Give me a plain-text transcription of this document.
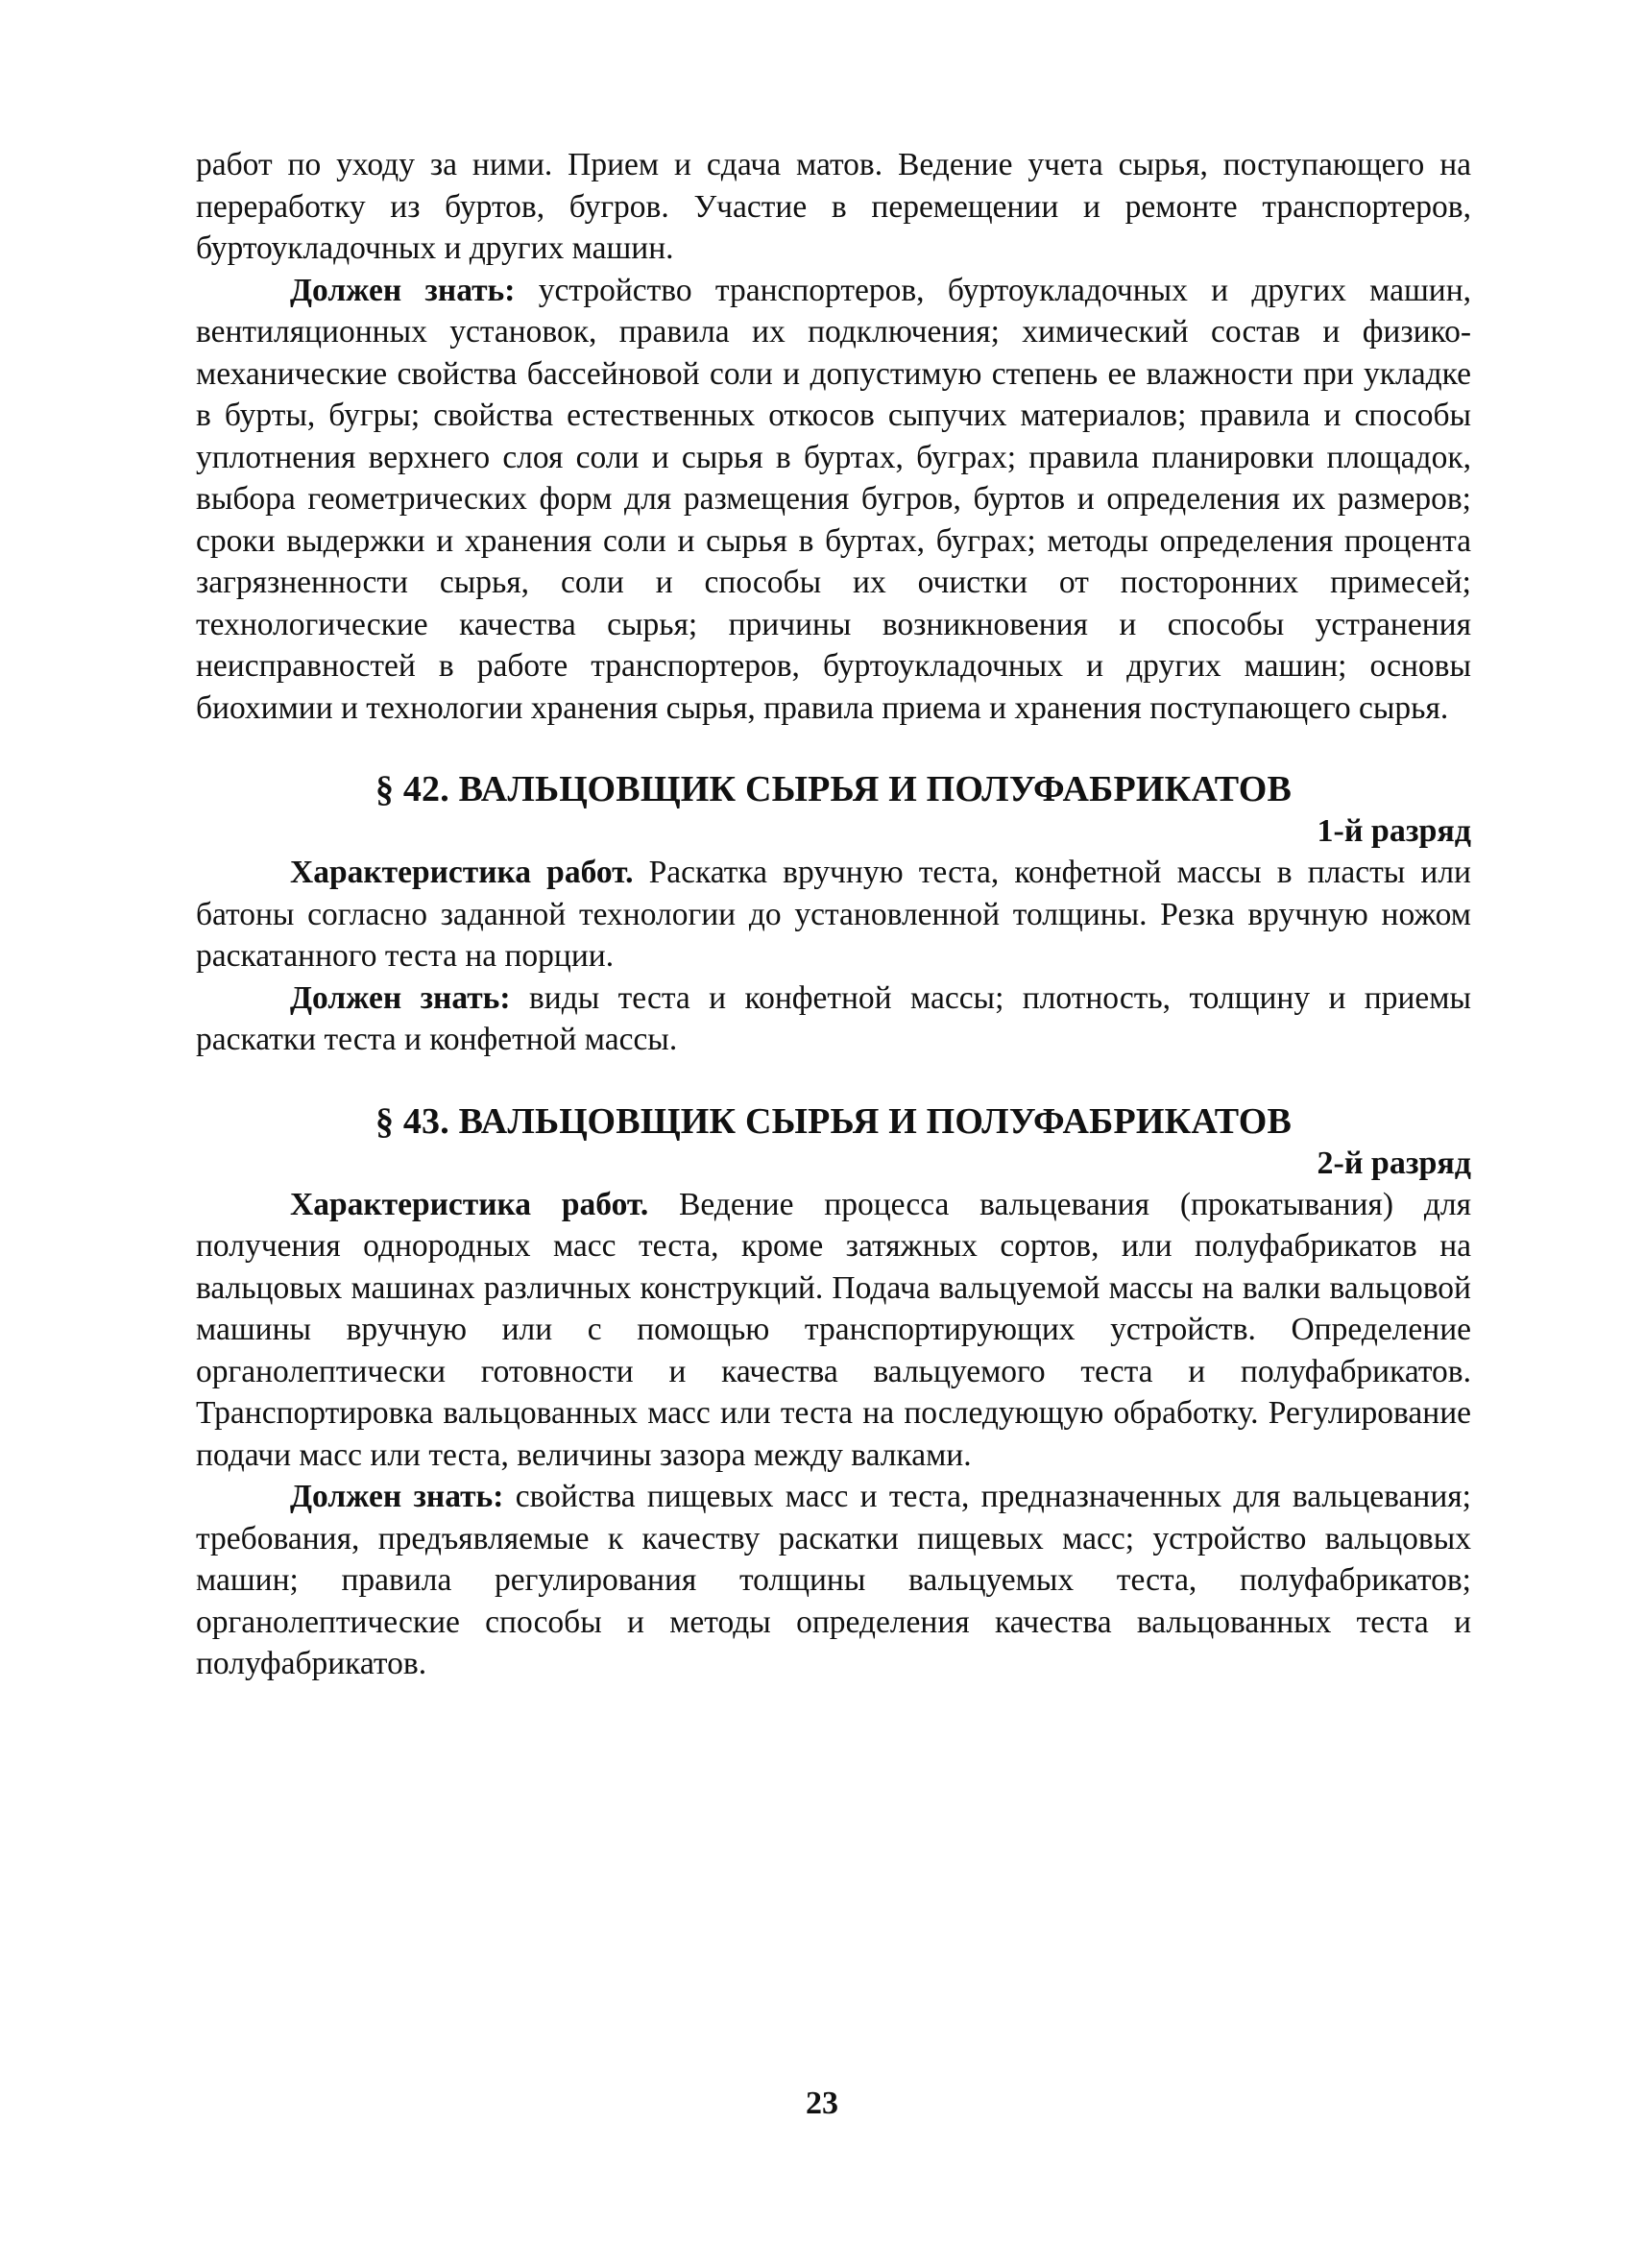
работ по уходу за ними. Прием и сдача матов. Ведение учета сырья, поступающего на переработку из буртов, бугров. Участие в перемещении и ремонте транспортеров, буртоукладочных и других машин.

Должен знать: устройство транспортеров, буртоукладочных и других машин, вентиляционных установок, правила их подключения; химический состав и физико-механические свойства бассейновой соли и допустимую степень ее влажности при укладке в бурты, бугры; свойства естественных откосов сыпучих материалов; правила и способы уплотнения верхнего слоя соли и сырья в буртах, буграх; правила планировки площадок, выбора геометрических форм для размещения бугров, буртов и определения их размеров; сроки выдержки и хранения соли и сырья в буртах, буграх; методы определения процента загрязненности сырья, соли и способы их очистки от посторонних примесей; технологические качества сырья; причины возникновения и способы устранения неисправностей в работе транспортеров, буртоукладочных и других машин; основы биохимии и технологии хранения сырья, правила приема и хранения поступающего сырья.

§ 42. ВАЛЬЦОВЩИК СЫРЬЯ И ПОЛУФАБРИКАТОВ
1-й разряд

Характеристика работ. Раскатка вручную теста, конфетной массы в пласты или батоны согласно заданной технологии до установленной толщины. Резка вручную ножом раскатанного теста на порции.

Должен знать: виды теста и конфетной массы; плотность, толщину и приемы раскатки теста и конфетной массы.

§ 43. ВАЛЬЦОВЩИК СЫРЬЯ И ПОЛУФАБРИКАТОВ
2-й разряд

Характеристика работ. Ведение процесса вальцевания (прокатывания) для получения однородных масс теста, кроме затяжных сортов, или полуфабрикатов на вальцовых машинах различных конструкций. Подача вальцуемой массы на валки вальцовой машины вручную или с помощью транспортирующих устройств. Определение органолептически готовности и качества вальцуемого теста и полуфабрикатов. Транспортировка вальцованных масс или теста на последующую обработку. Регулирование подачи масс или теста, величины зазора между валками.

Должен знать: свойства пищевых масс и теста, предназначенных для вальцевания; требования, предъявляемые к качеству раскатки пищевых масс; устройство вальцовых машин; правила регулирования толщины вальцуемых теста, полуфабрикатов; органолептические способы и методы определения качества вальцованных теста и полуфабрикатов.

23
